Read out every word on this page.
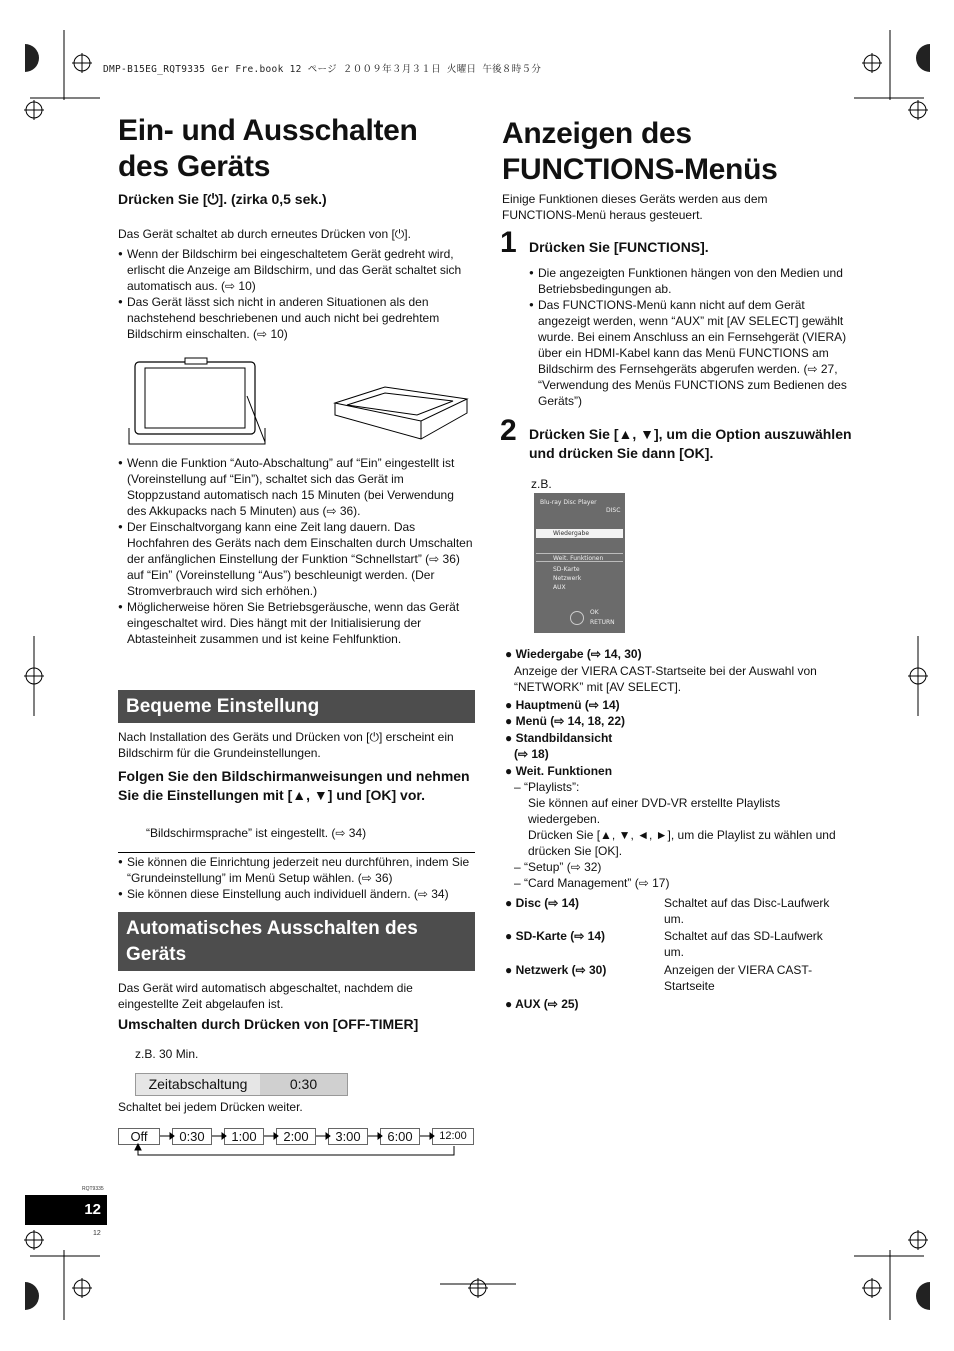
DMP-B15EG_RQT9335 Ger Fre.book 12 ページ ２００９年３月３１日 火曜日 午後８時５分
Ein- und Ausschalten des Geräts
Drücken Sie [⏻]. (zirka 0,5 sek.)
Das Gerät schaltet ab durch erneutes Drücken von [⏻].
● Wenn der Bildschirm bei eingeschaltetem Gerät gedreht wird, erlischt die Anzeige am Bildschirm, und das Gerät schaltet sich automatisch aus. (⇨ 10)
● Das Gerät lässt sich nicht in anderen Situationen als den nachstehend beschriebenen und auch nicht bei gedrehtem Bildschirm einschalten. (⇨ 10)
● Wenn die Funktion “Auto-Abschaltung” auf “Ein” eingestellt ist (Voreinstellung auf “Ein”), schaltet sich das Gerät im Stoppzustand automatisch nach 15 Minuten (bei Verwendung des Akkupacks nach 5 Minuten) aus (⇨ 36).
● Der Einschaltvorgang kann eine Zeit lang dauern. Das Hochfahren des Geräts nach dem Einschalten durch Umschalten der anfänglichen Einstellung der Funktion “Schnellstart” (⇨ 36) auf “Ein” (Voreinstellung “Aus”) beschleunigt werden. (Der Stromverbrauch wird sich erhöhen.)
● Möglicherweise hören Sie Betriebsgeräusche, wenn das Gerät eingeschaltet wird. Dies hängt mit der Initialisierung der Abtasteinheit zusammen und ist keine Fehlfunktion.
Bequeme Einstellung
Nach Installation des Geräts und Drücken von [⏻] erscheint ein Bildschirm für die Grundeinstellungen.
Folgen Sie den Bildschirmanweisungen und nehmen Sie die Einstellungen mit [▲, ▼] und [OK] vor.
“Bildschirmsprache” ist eingestellt. (⇨ 34)
● Sie können die Einrichtung jederzeit neu durchführen, indem Sie “Grundeinstellung” im Menü Setup wählen. (⇨ 36)
● Sie können diese Einstellung auch individuell ändern. (⇨ 34)
Automatisches Ausschalten des Geräts
Das Gerät wird automatisch abgeschaltet, nachdem die eingestellte Zeit abgelaufen ist.
Umschalten durch Drücken von [OFF-TIMER]
z.B. 30 Min.
Zeitabschaltung	0:30
Schaltet bei jedem Drücken weiter.
Off	0:30	1:00	2:00	3:00	6:00	12:00
Anzeigen des FUNCTIONS-Menüs
Einige Funktionen dieses Geräts werden aus dem FUNCTIONS-Menü heraus gesteuert.
1 Drücken Sie [FUNCTIONS].
● Die angezeigten Funktionen hängen von den Medien und Betriebsbedingungen ab.
● Das FUNCTIONS-Menü kann nicht auf dem Gerät angezeigt werden, wenn “AUX” mit [AV SELECT] gewählt wurde. Bei einem Anschluss an ein Fernsehgerät (VIERA) über ein HDMI-Kabel kann das Menü FUNCTIONS am Bildschirm des Fernsehgeräts abgerufen werden. (⇨ 27, “Verwendung des Menüs FUNCTIONS zum Bedienen des Geräts”)
2 Drücken Sie [▲, ▼], um die Option auszuwählen und drücken Sie dann [OK].
z.B.
Blu-ray Disc Player
DISC
Wiedergabe
Weit. Funktionen
SD-Karte
Netzwerk
AUX
OK
RETURN
● Wiedergabe (⇨ 14, 30)
Anzeige der VIERA CAST-Startseite bei der Auswahl von “NETWORK” mit [AV SELECT].
● Hauptmenü (⇨ 14)
● Menü (⇨ 14, 18, 22)
● Standbildansicht
(⇨ 18)
● Weit. Funktionen
– “Playlists”:
Sie können auf einer DVD-VR erstellte Playlists wiedergeben.
Drücken Sie [▲, ▼, ◄, ►], um die Playlist zu wählen und drücken Sie [OK].
– “Setup” (⇨ 32)
– “Card Management” (⇨ 17)
● Disc (⇨ 14)	Schaltet auf das Disc-Laufwerk um.
● SD-Karte (⇨ 14)	Schaltet auf das SD-Laufwerk um.
● Netzwerk (⇨ 30)	Anzeigen der VIERA CAST-Startseite
● AUX (⇨ 25)
RQT9335
12
12
